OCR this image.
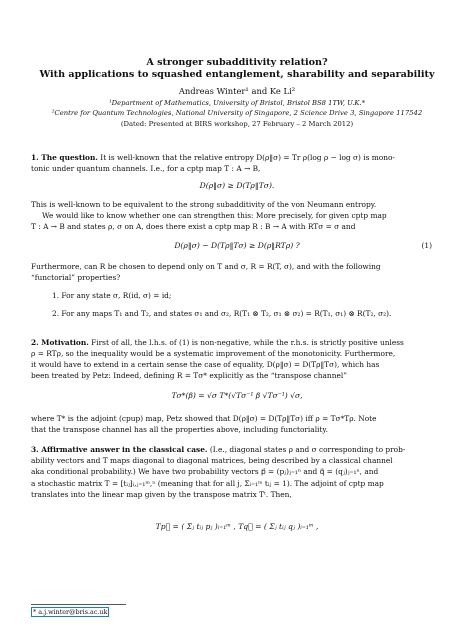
A stronger subadditivity relation?
With applications to squashed entanglement, sharability and separability
Andreas Winter¹ and Ke Li²
¹Department of Mathematics, University of Bristol, Bristol BS8 1TW, U.K.*
²Centre for Quantum Technologies, National University of Singapore, 2 Science Drive 3, Singapore 117542
(Dated: Presented at BIRS workshop, 27 February – 2 March 2012)
1. The question. It is well-known that the relative entropy D(ρ‖σ) = Tr ρ(log ρ − log σ) is mono-
tonic under quantum channels. I.e., for a cptp map T : A → B,
D(ρ‖σ) ≥ D(Tρ‖Tσ).
This is well-known to be equivalent to the strong subadditivity of the von Neumann entropy.
We would like to know whether one can strengthen this: More precisely, for given cptp map
T : A → B and states ρ, σ on A, does there exist a cptp map R : B → A with RTσ = σ and
D(ρ‖σ) − D(Tρ‖Tσ) ≥ D(ρ‖RTρ) ?	(1)
Furthermore, can R be chosen to depend only on T and σ, R = R(T, σ), and with the following
“functorial” properties?
1. For any state σ, R(id, σ) = id;
2. For any maps T₁ and T₂, and states σ₁ and σ₂, R(T₁ ⊗ T₂, σ₁ ⊗ σ₂) = R(T₁, σ₁) ⊗ R(T₂, σ₂).
2. Motivation. First of all, the l.h.s. of (1) is non-negative, while the r.h.s. is strictly positive unless
ρ = RTρ, so the inequality would be a systematic improvement of the monotonicity. Furthermore,
it would have to extend in a certain sense the case of equality, D(ρ‖σ) = D(Tρ‖Tσ), which has
been treated by Petz: Indeed, defining R = Tσ* explicitly as the “transpose channel”
Tσ*(β) = √σ T*(√Tσ⁻¹ β √Tσ⁻¹) √σ,
where T* is the adjoint (cpup) map, Petz showed that D(ρ‖σ) = D(Tρ‖Tσ) iff ρ = Tσ*Tρ. Note
that the transpose channel has all the properties above, including functoriality.
3. Affirmative answer in the classical case. (I.e., diagonal states ρ and σ corresponding to prob-
ability vectors and T maps diagonal to diagonal matrices, being described by a classical channel
aka conditional probability.) We have two probability vectors p⃗ = (pⱼ)ⱼ₌₁ⁿ and q⃗ = (qⱼ)ⱼ₌₁ⁿ, and
a stochastic matrix T = [tᵢⱼ]ᵢ,ⱼ₌₁ᵐ,ⁿ (meaning that for all j, Σᵢ₌₁ᵐ tᵢⱼ = 1). The adjoint of cptp map
translates into the linear map given by the transpose matrix Tᵗ. Then,
Tp⃗ = ( Σⱼ tᵢⱼ pⱼ )ᵢ₌₁ᵐ , Tq⃗ = ( Σⱼ tᵢⱼ qⱼ )ᵢ₌₁ᵐ ,
* a.j.winter@bris.ac.uk
